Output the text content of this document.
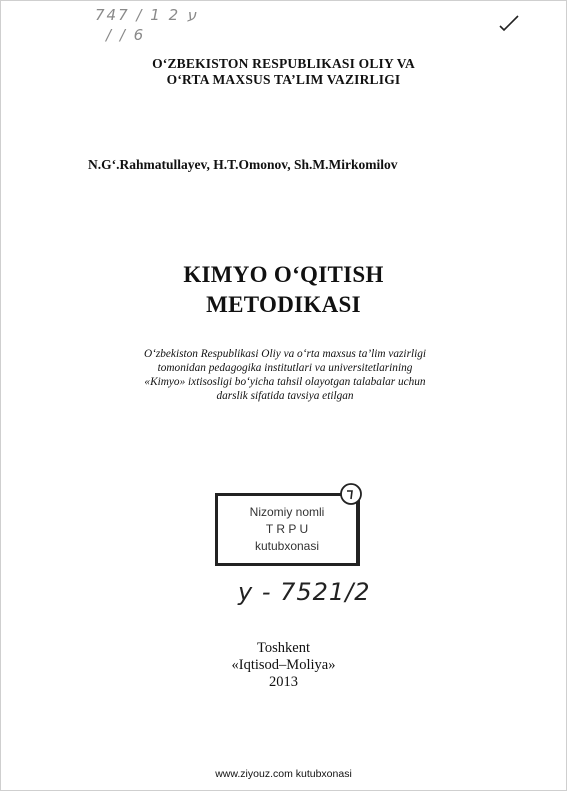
74ע 2 1 / 7
/ / 6
O‘ZBEKISTON RESPUBLIKASI OLIY VA
O‘RTA MAXSUS TA’LIM VAZIRLIGI
N.G‘.Rahmatullayev, H.T.Omonov, Sh.M.Mirkomilov
KIMYO O‘QITISH
METODIKASI
O‘zbekiston Respublikasi Oliy va o‘rta maxsus ta’lim vazirligi
tomonidan pedagogika institutlari va universitetlarining
«Kimyo» ixtisosligi bo‘yicha tahsil olayotgan talabalar uchun
darslik sifatida tavsiya etilgan
Nizomiy nomli
T R P U
kutubxonasi
у - 7521/2
Toshkent
«Iqtisod–Moliya»
2013
www.ziyouz.com kutubxonasi
